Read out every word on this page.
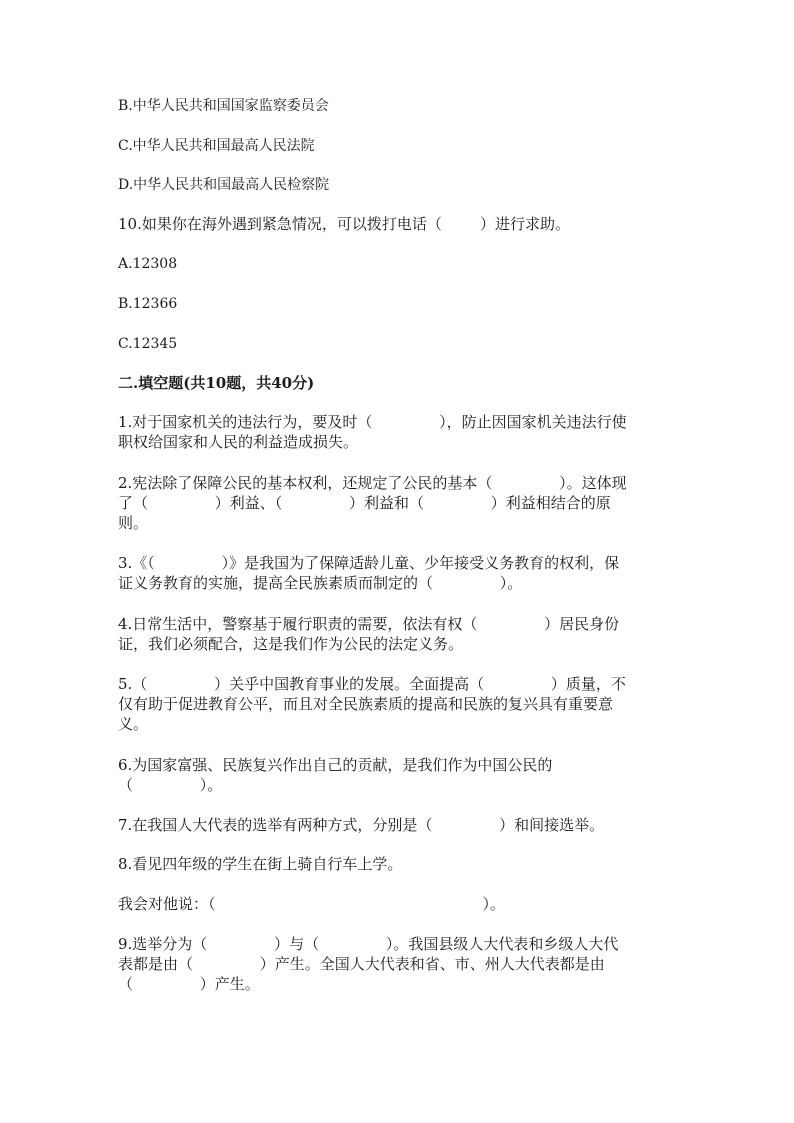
B.中华人民共和国国家监察委员会
C.中华人民共和国最高人民法院
D.中华人民共和国最高人民检察院
10.如果你在海外遇到紧急情况，可以拨打电话（        ）进行求助。
A.12308
B.12366
C.12345
二.填空题(共10题，共40分)
1.对于国家机关的违法行为，要及时（              ），防止因国家机关违法行使
职权给国家和人民的利益造成损失。
2.宪法除了保障公民的基本权利，还规定了公民的基本（              ）。这体现
了（              ）利益、（              ）利益和（              ）利益相结合的原
则。
3.《（              ）》是我国为了保障适龄儿童、少年接受义务教育的权利，保
证义务教育的实施，提高全民族素质而制定的（              ）。
4.日常生活中，警察基于履行职责的需要，依法有权（              ）居民身份
证，我们必须配合，这是我们作为公民的法定义务。
5.（              ）关乎中国教育事业的发展。全面提高（              ）质量，不
仅有助于促进教育公平，而且对全民族素质的提高和民族的复兴具有重要意
义。
6.为国家富强、民族复兴作出自己的贡献，是我们作为中国公民的
（              ）。
7.在我国人大代表的选举有两种方式，分别是（              ）和间接选举。
8.看见四年级的学生在街上骑自行车上学。
我会对他说：（                                                        ）。
9.选举分为（              ）与（              ）。我国县级人大代表和乡级人大代
表都是由（              ）产生。全国人大代表和省、市、州人大代表都是由
（              ）产生。
